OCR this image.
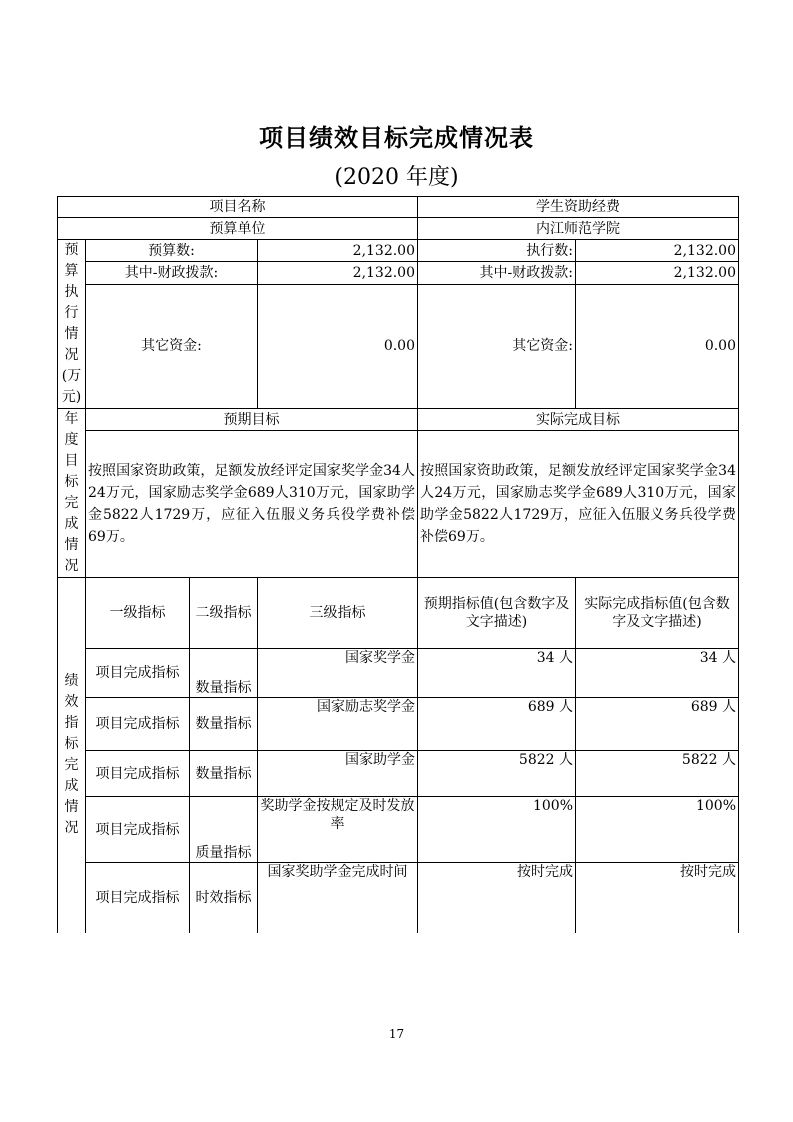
项目绩效目标完成情况表
(2020 年度)
项目名称				学生资助经费	
预算单位				内江师范学院	
预算执行情况(万元)	预算数:		2,132.00	执行数:	2,132.00
	其中-财政拨款:		2,132.00	其中-财政拨款:	2,132.00
	其它资金:		0.00	其它资金:	0.00
年度目标完成情况	预期目标			实际完成目标	
	按照国家资助政策，足额发放经评定国家奖学金34人24万元，国家励志奖学金689人310万元，国家助学金5822人1729万，应征入伍服义务兵役学费补偿69万。			按照国家资助政策，足额发放经评定国家奖学金34人24万元，国家励志奖学金689人310万元，国家助学金5822人1729万，应征入伍服义务兵役学费补偿69万。	
绩效指标完成情况	一级指标	二级指标	三级指标	预期指标值(包含数字及文字描述)	实际完成指标值(包含数字及文字描述)
	项目完成指标	数量指标	国家奖学金	34 人	34 人
	项目完成指标	数量指标	国家励志奖学金	689 人	689 人
	项目完成指标	数量指标	国家助学金	5822 人	5822 人
	项目完成指标	质量指标	奖助学金按规定及时发放率	100%	100%
	项目完成指标	时效指标	国家奖助学金完成时间	按时完成	按时完成
17
